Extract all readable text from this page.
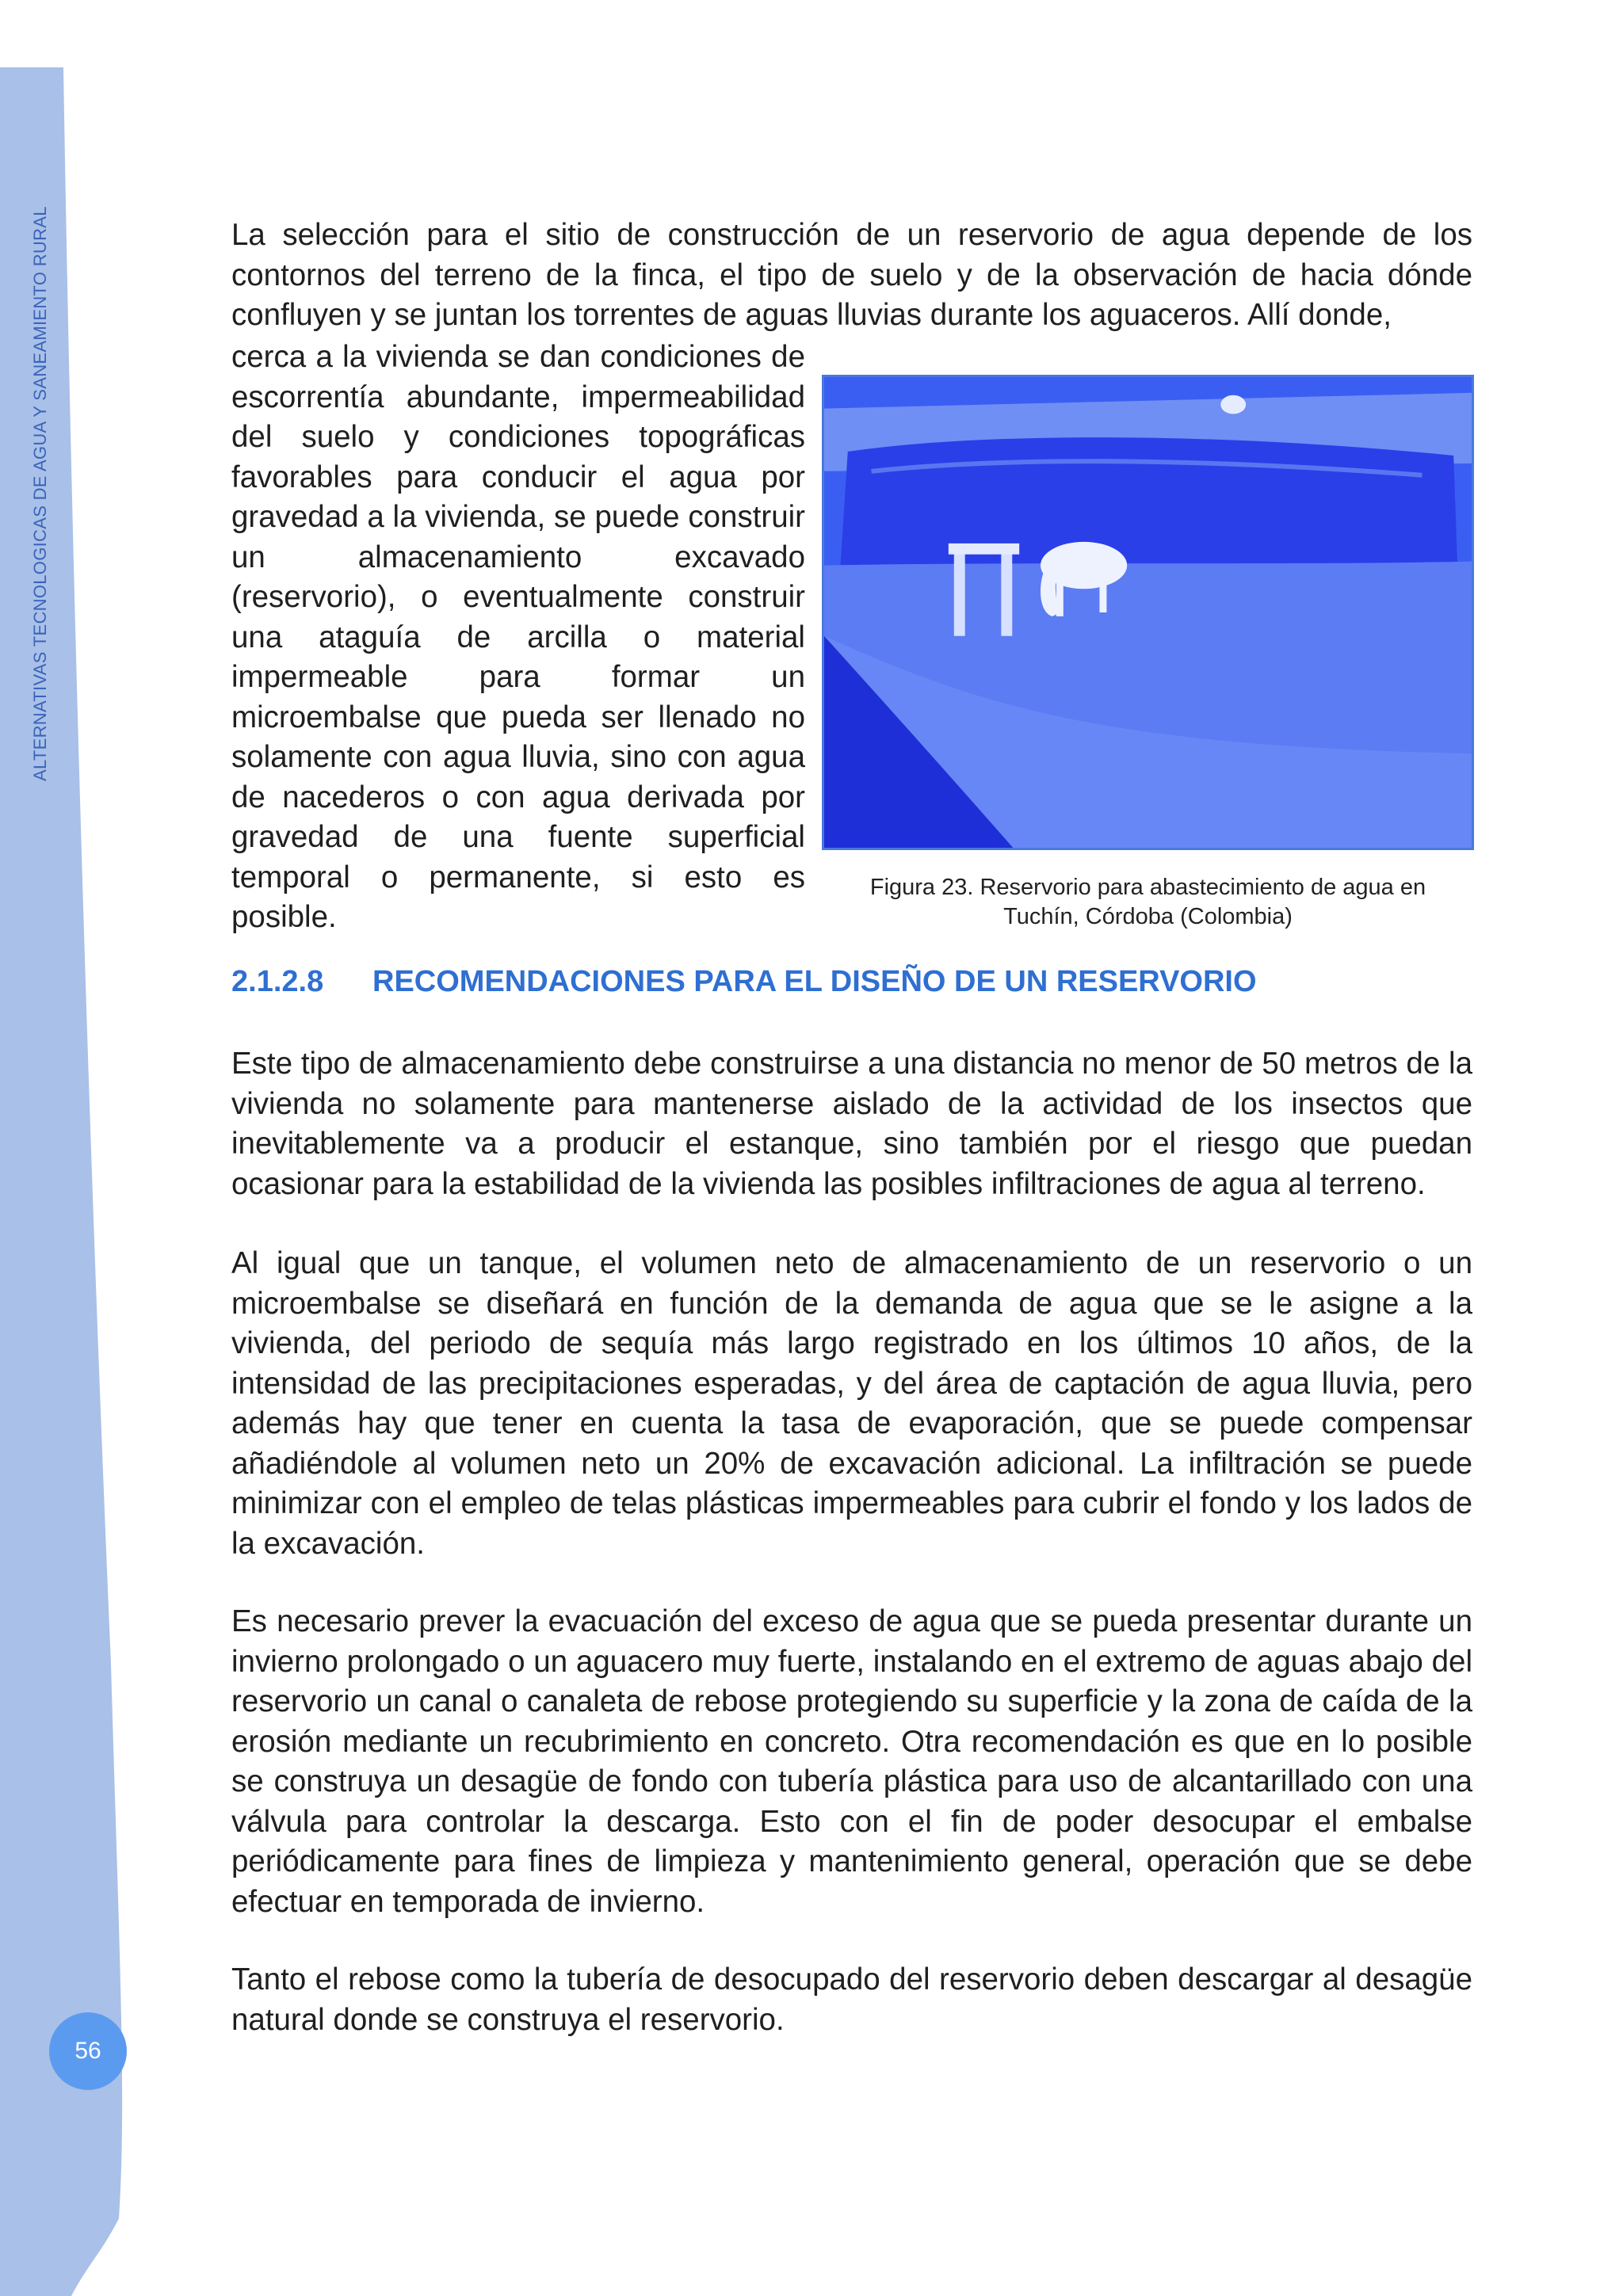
ALTERNATIVAS TECNOLOGICAS DE AGUA Y SANEAMIENTO RURAL
56

La selección para el sitio de construcción de un reservorio de agua depende de los contornos del terreno de la finca, el tipo de suelo y de la observación de hacia dónde confluyen y se juntan los torrentes de aguas lluvias durante los aguaceros. Allí donde,

cerca a la vivienda se dan condiciones de escorrentía abundante, impermeabilidad del suelo y condiciones topográficas favorables para conducir el agua por gravedad a la vivienda, se puede construir un almacenamiento excavado (reservorio), o eventualmente construir una ataguía de arcilla o material impermeable para formar un microembalse que pueda ser llenado no solamente con agua lluvia, sino con agua de nacederos o con agua derivada por gravedad de una fuente superficial temporal o permanente, si esto es posible.

Figura 23. Reservorio para abastecimiento de agua en
Tuchín, Córdoba (Colombia)
2.1.2.8 RECOMENDACIONES PARA EL DISEÑO DE UN RESERVORIO

Este tipo de almacenamiento debe construirse a una distancia no menor de 50 metros de la vivienda no solamente para mantenerse aislado de la actividad de los insectos que inevitablemente va a producir el estanque, sino también por el riesgo que puedan ocasionar para la estabilidad de la vivienda las posibles infiltraciones de agua al terreno.

Al igual que un tanque, el volumen neto de almacenamiento de un reservorio o un microembalse se diseñará en función de la demanda de agua que se le asigne a la vivienda, del periodo de sequía más largo registrado en los últimos 10 años, de la intensidad de las precipitaciones esperadas, y del área de captación de agua lluvia, pero además hay que tener en cuenta la tasa de evaporación, que se puede compensar añadiéndole al volumen neto un 20% de excavación adicional. La infiltración se puede minimizar con el empleo de telas plásticas impermeables para cubrir el fondo y los lados de la excavación.

Es necesario prever la evacuación del exceso de agua que se pueda presentar durante un invierno prolongado o un aguacero muy fuerte, instalando en el extremo de aguas abajo del reservorio un canal o canaleta de rebose protegiendo su superficie y la zona de caída de la erosión mediante un recubrimiento en concreto. Otra recomendación es que en lo posible se construya un desagüe de fondo con tubería plástica para uso de alcantarillado con una válvula para controlar la descarga. Esto con el fin de poder desocupar el embalse periódicamente para fines de limpieza y mantenimiento general, operación que se debe efectuar en temporada de invierno.

Tanto el rebose como la tubería de desocupado del reservorio deben descargar al desagüe natural donde se construya el reservorio.
